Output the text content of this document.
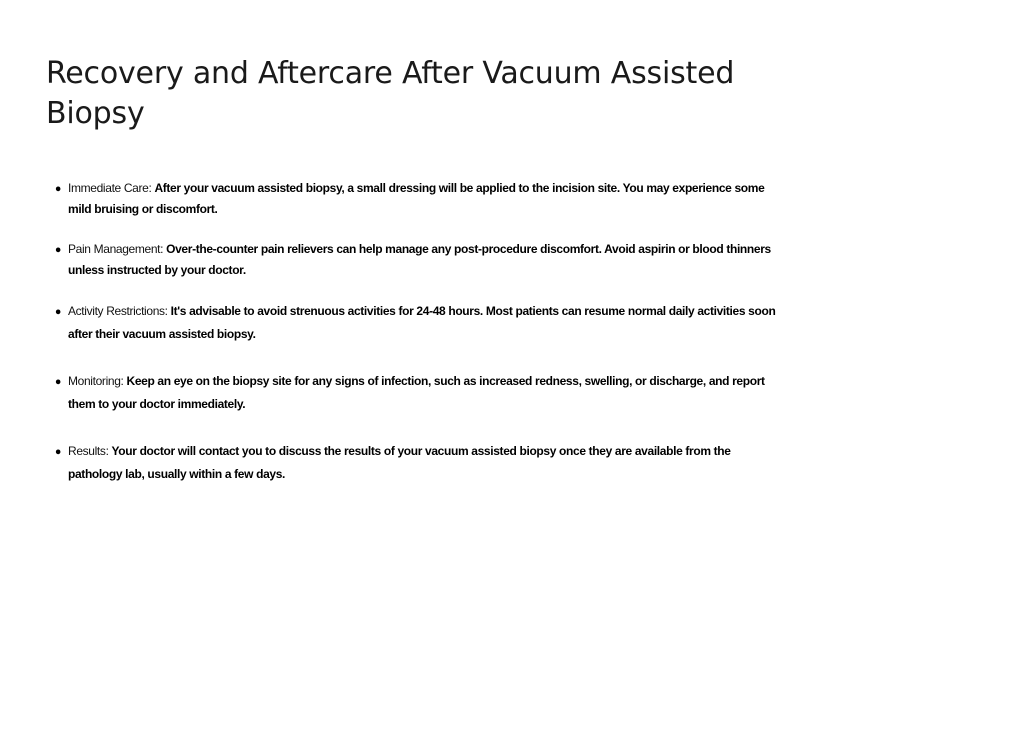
Recovery and Aftercare After Vacuum Assisted Biopsy
• Immediate Care: After your vacuum assisted biopsy, a small dressing will be applied to the incision site. You may experience some mild bruising or discomfort.
• Pain Management: Over-the-counter pain relievers can help manage any post-procedure discomfort. Avoid aspirin or blood thinners unless instructed by your doctor.
• Activity Restrictions: It's advisable to avoid strenuous activities for 24-48 hours. Most patients can resume normal daily activities soon after their vacuum assisted biopsy.
• Monitoring: Keep an eye on the biopsy site for any signs of infection, such as increased redness, swelling, or discharge, and report them to your doctor immediately.
• Results: Your doctor will contact you to discuss the results of your vacuum assisted biopsy once they are available from the pathology lab, usually within a few days.
